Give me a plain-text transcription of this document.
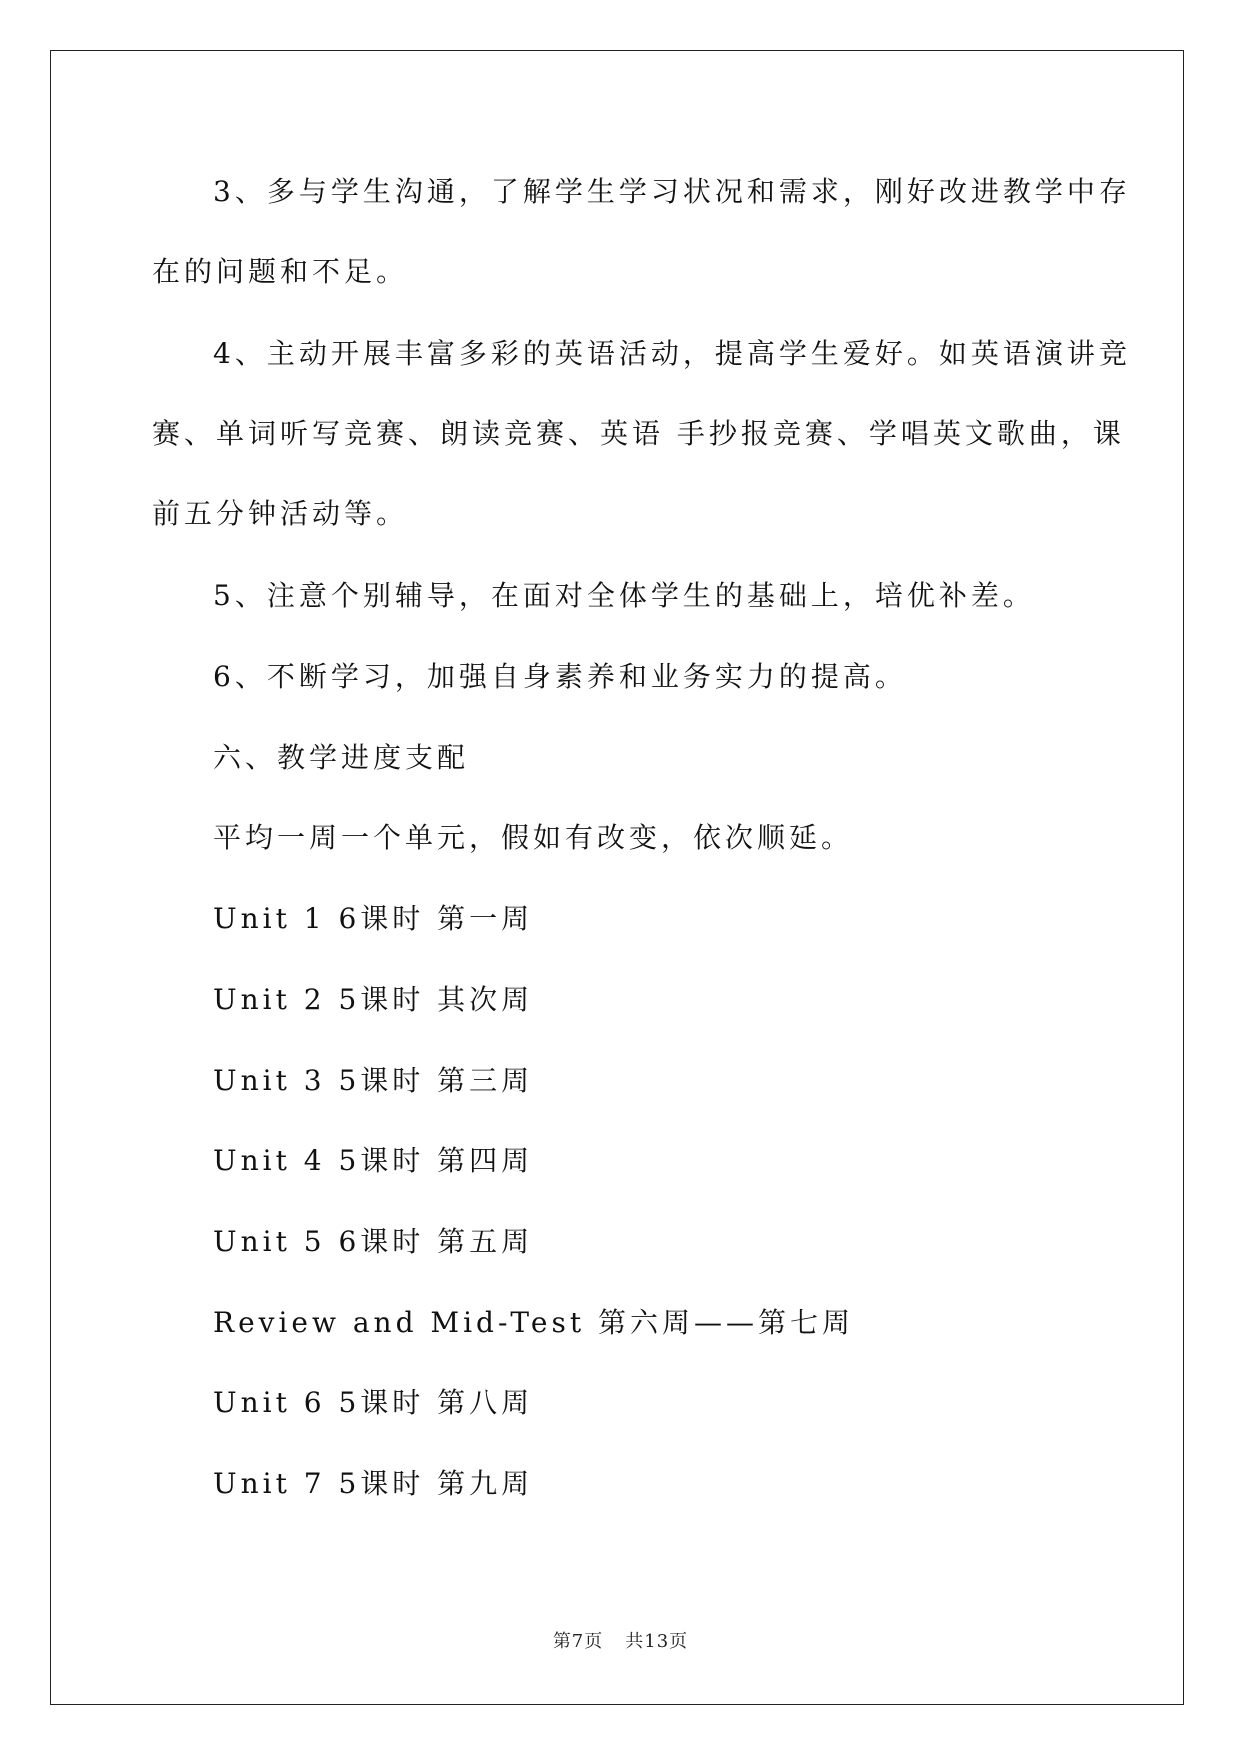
3、多与学生沟通，了解学生学习状况和需求，刚好改进教学中存
在的问题和不足。
4、主动开展丰富多彩的英语活动，提高学生爱好。如英语演讲竞
赛、单词听写竞赛、朗读竞赛、英语 手抄报竞赛、学唱英文歌曲，课
前五分钟活动等。
5、注意个别辅导，在面对全体学生的基础上，培优补差。
6、不断学习，加强自身素养和业务实力的提高。
六、教学进度支配
平均一周一个单元，假如有改变，依次顺延。
Unit 1 6课时 第一周
Unit 2 5课时 其次周
Unit 3 5课时 第三周
Unit 4 5课时 第四周
Unit 5 6课时 第五周
Review and Mid-Test 第六周——第七周
Unit 6 5课时 第八周
Unit 7 5课时 第九周
第7页 共13页
